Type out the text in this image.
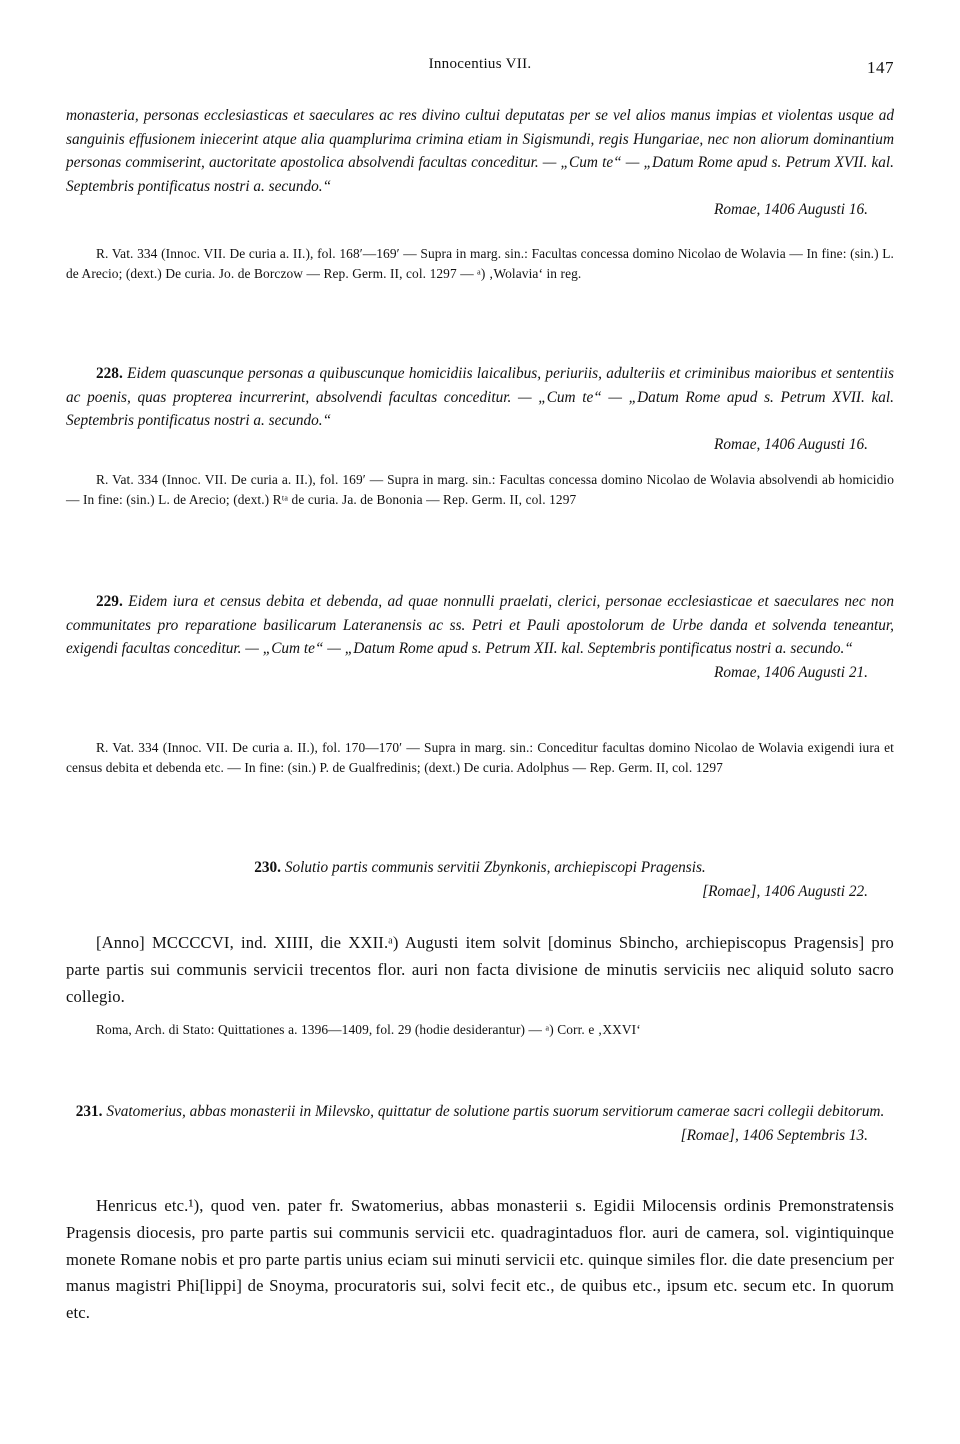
Innocentius VII.	147

monasteria, personas ecclesiasticas et saeculares ac res divino cultui deputatas per se vel alios manus impias et violentas usque ad sanguinis effusionem iniecerint atque alia quamplurima crimina etiam in Sigismundi, regis Hungariae, nec non aliorum dominantium personas commiserint, auctoritate apostolica absolvendi facultas conceditur. — „Cum te“ — „Datum Rome apud s. Petrum XVII. kal. Septembris pontificatus nostri a. secundo.“

Romae, 1406 Augusti 16.

R. Vat. 334 (Innoc. VII. De curia a. II.), fol. 168′—169′ — Supra in marg. sin.: Facultas concessa domino Nicolao de Wolavia — In fine: (sin.) L. de Arecio; (dext.) De curia. Jo. de Borczow — Rep. Germ. II, col. 1297 — ᵃ) ‚Wolavia‘ in reg.

228. Eidem quascunque personas a quibuscunque homicidiis laicalibus, periuriis, adulteriis et criminibus maioribus et sententiis ac poenis, quas propterea incurrerint, absolvendi facultas conceditur. — „Cum te“ — „Datum Rome apud s. Petrum XVII. kal. Septembris pontificatus nostri a. secundo.“

Romae, 1406 Augusti 16.

R. Vat. 334 (Innoc. VII. De curia a. II.), fol. 169′ — Supra in marg. sin.: Facultas concessa domino Nicolao de Wolavia absolvendi ab homicidio — In fine: (sin.) L. de Arecio; (dext.) Rᵗᵃ de curia. Ja. de Bononia — Rep. Germ. II, col. 1297

229. Eidem iura et census debita et debenda, ad quae nonnulli praelati, clerici, personae ecclesiasticae et saeculares nec non communitates pro reparatione basilicarum Lateranensis ac ss. Petri et Pauli apostolorum de Urbe danda et solvenda teneantur, exigendi facultas conceditur. — „Cum te“ — „Datum Rome apud s. Petrum XII. kal. Septembris pontificatus nostri a. secundo.“

Romae, 1406 Augusti 21.

R. Vat. 334 (Innoc. VII. De curia a. II.), fol. 170—170′ — Supra in marg. sin.: Conceditur facultas domino Nicolao de Wolavia exigendi iura et census debita et debenda etc. — In fine: (sin.) P. de Gualfredinis; (dext.) De curia. Adolphus — Rep. Germ. II, col. 1297

230. Solutio partis communis servitii Zbynkonis, archiepiscopi Pragensis.

[Romae], 1406 Augusti 22.

[Anno] MCCCCVI, ind. XIIII, die XXII.ᵃ) Augusti item solvit [dominus Sbincho, archiepiscopus Pragensis] pro parte partis sui communis servicii trecentos flor. auri non facta divisione de minutis serviciis nec aliquid soluto sacro collegio.

Roma, Arch. di Stato: Quittationes a. 1396—1409, fol. 29 (hodie desiderantur) — ᵃ) Corr. e ‚XXVI‘

231. Svatomerius, abbas monasterii in Milevsko, quittatur de solutione partis suorum servitiorum camerae sacri collegii debitorum.

[Romae], 1406 Septembris 13.

Henricus etc.¹), quod ven. pater fr. Swatomerius, abbas monasterii s. Egidii Milocensis ordinis Premonstratensis Pragensis diocesis, pro parte partis sui communis servicii etc. quadragintaduos flor. auri de camera, sol. vigintiquinque monete Romane nobis et pro parte partis unius eciam sui minuti servicii etc. quinque similes flor. die date presencium per manus magistri Phi[lippi] de Snoyma, procuratoris sui, solvi fecit etc., de quibus etc., ipsum etc. secum etc. In quorum etc.
